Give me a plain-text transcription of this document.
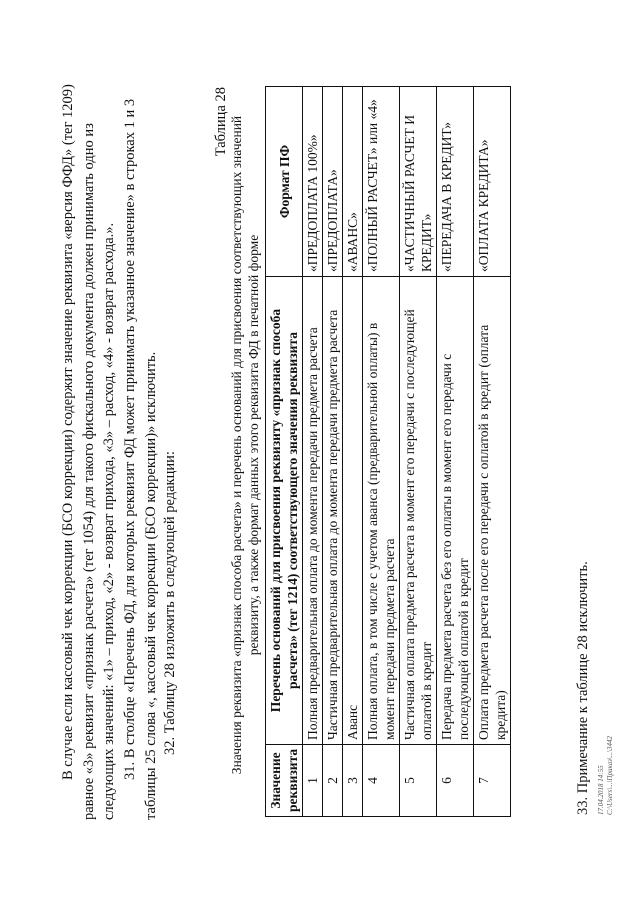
В случае если кассовый чек коррекции (БСО коррекции) содержит значение реквизита «версия ФФД» (тег 1209) равное «3» реквизит «признак расчета» (тег 1054) для такого фискального документа должен принимать одно из следующих значений: «1» – приход, «2» - возврат прихода, «3» – расход, «4» - возврат расхода.». 31. В столбце «Перечень ФД, для которых реквизит ФД может принимать указанное значение» в строках 1 и 3 таблицы 25 слова «, кассовый чек коррекции (БСО коррекции)» исключить. 32. Таблицу 28 изложить в следующей редакции:

Таблица 28 Значения реквизита «признак способа расчета» и перечень оснований для присвоения соответствующих значений реквизиту, а также формат данных этого реквизита ФД в печатной форме
Значение реквизита	Перечень оснований для присвоения реквизиту «признак способа расчета» (тег 1214) соответствующего значения реквизита	Формат ПФ
1	Полная предварительная оплата до момента передачи предмета расчета	«ПРЕДОПЛАТА 100%»
2	Частичная предварительная оплата до момента передачи предмета расчета	«ПРЕДОПЛАТА»
3	Аванс	«АВАНС»
4	Полная оплата, в том числе с учетом аванса (предварительной оплаты) в момент передачи предмета расчета	«ПОЛНЫЙ РАСЧЕТ» или «4»
5	Частичная оплата предмета расчета в момент его передачи с последующей оплатой в кредит	«ЧАСТИЧНЫЙ РАСЧЕТ И КРЕДИТ»
6	Передача предмета расчета без его оплаты в момент его передачи с последующей оплатой в кредит	«ПЕРЕДАЧА В КРЕДИТ»
7	Оплата предмета расчета после его передачи с оплатой в кредит (оплата кредита)	«ОПЛАТА КРЕДИТА»

33. Примечание к таблице 28 исключить. 17.04.2018 14:55 С:\Users\...\Приказ\...\3442
